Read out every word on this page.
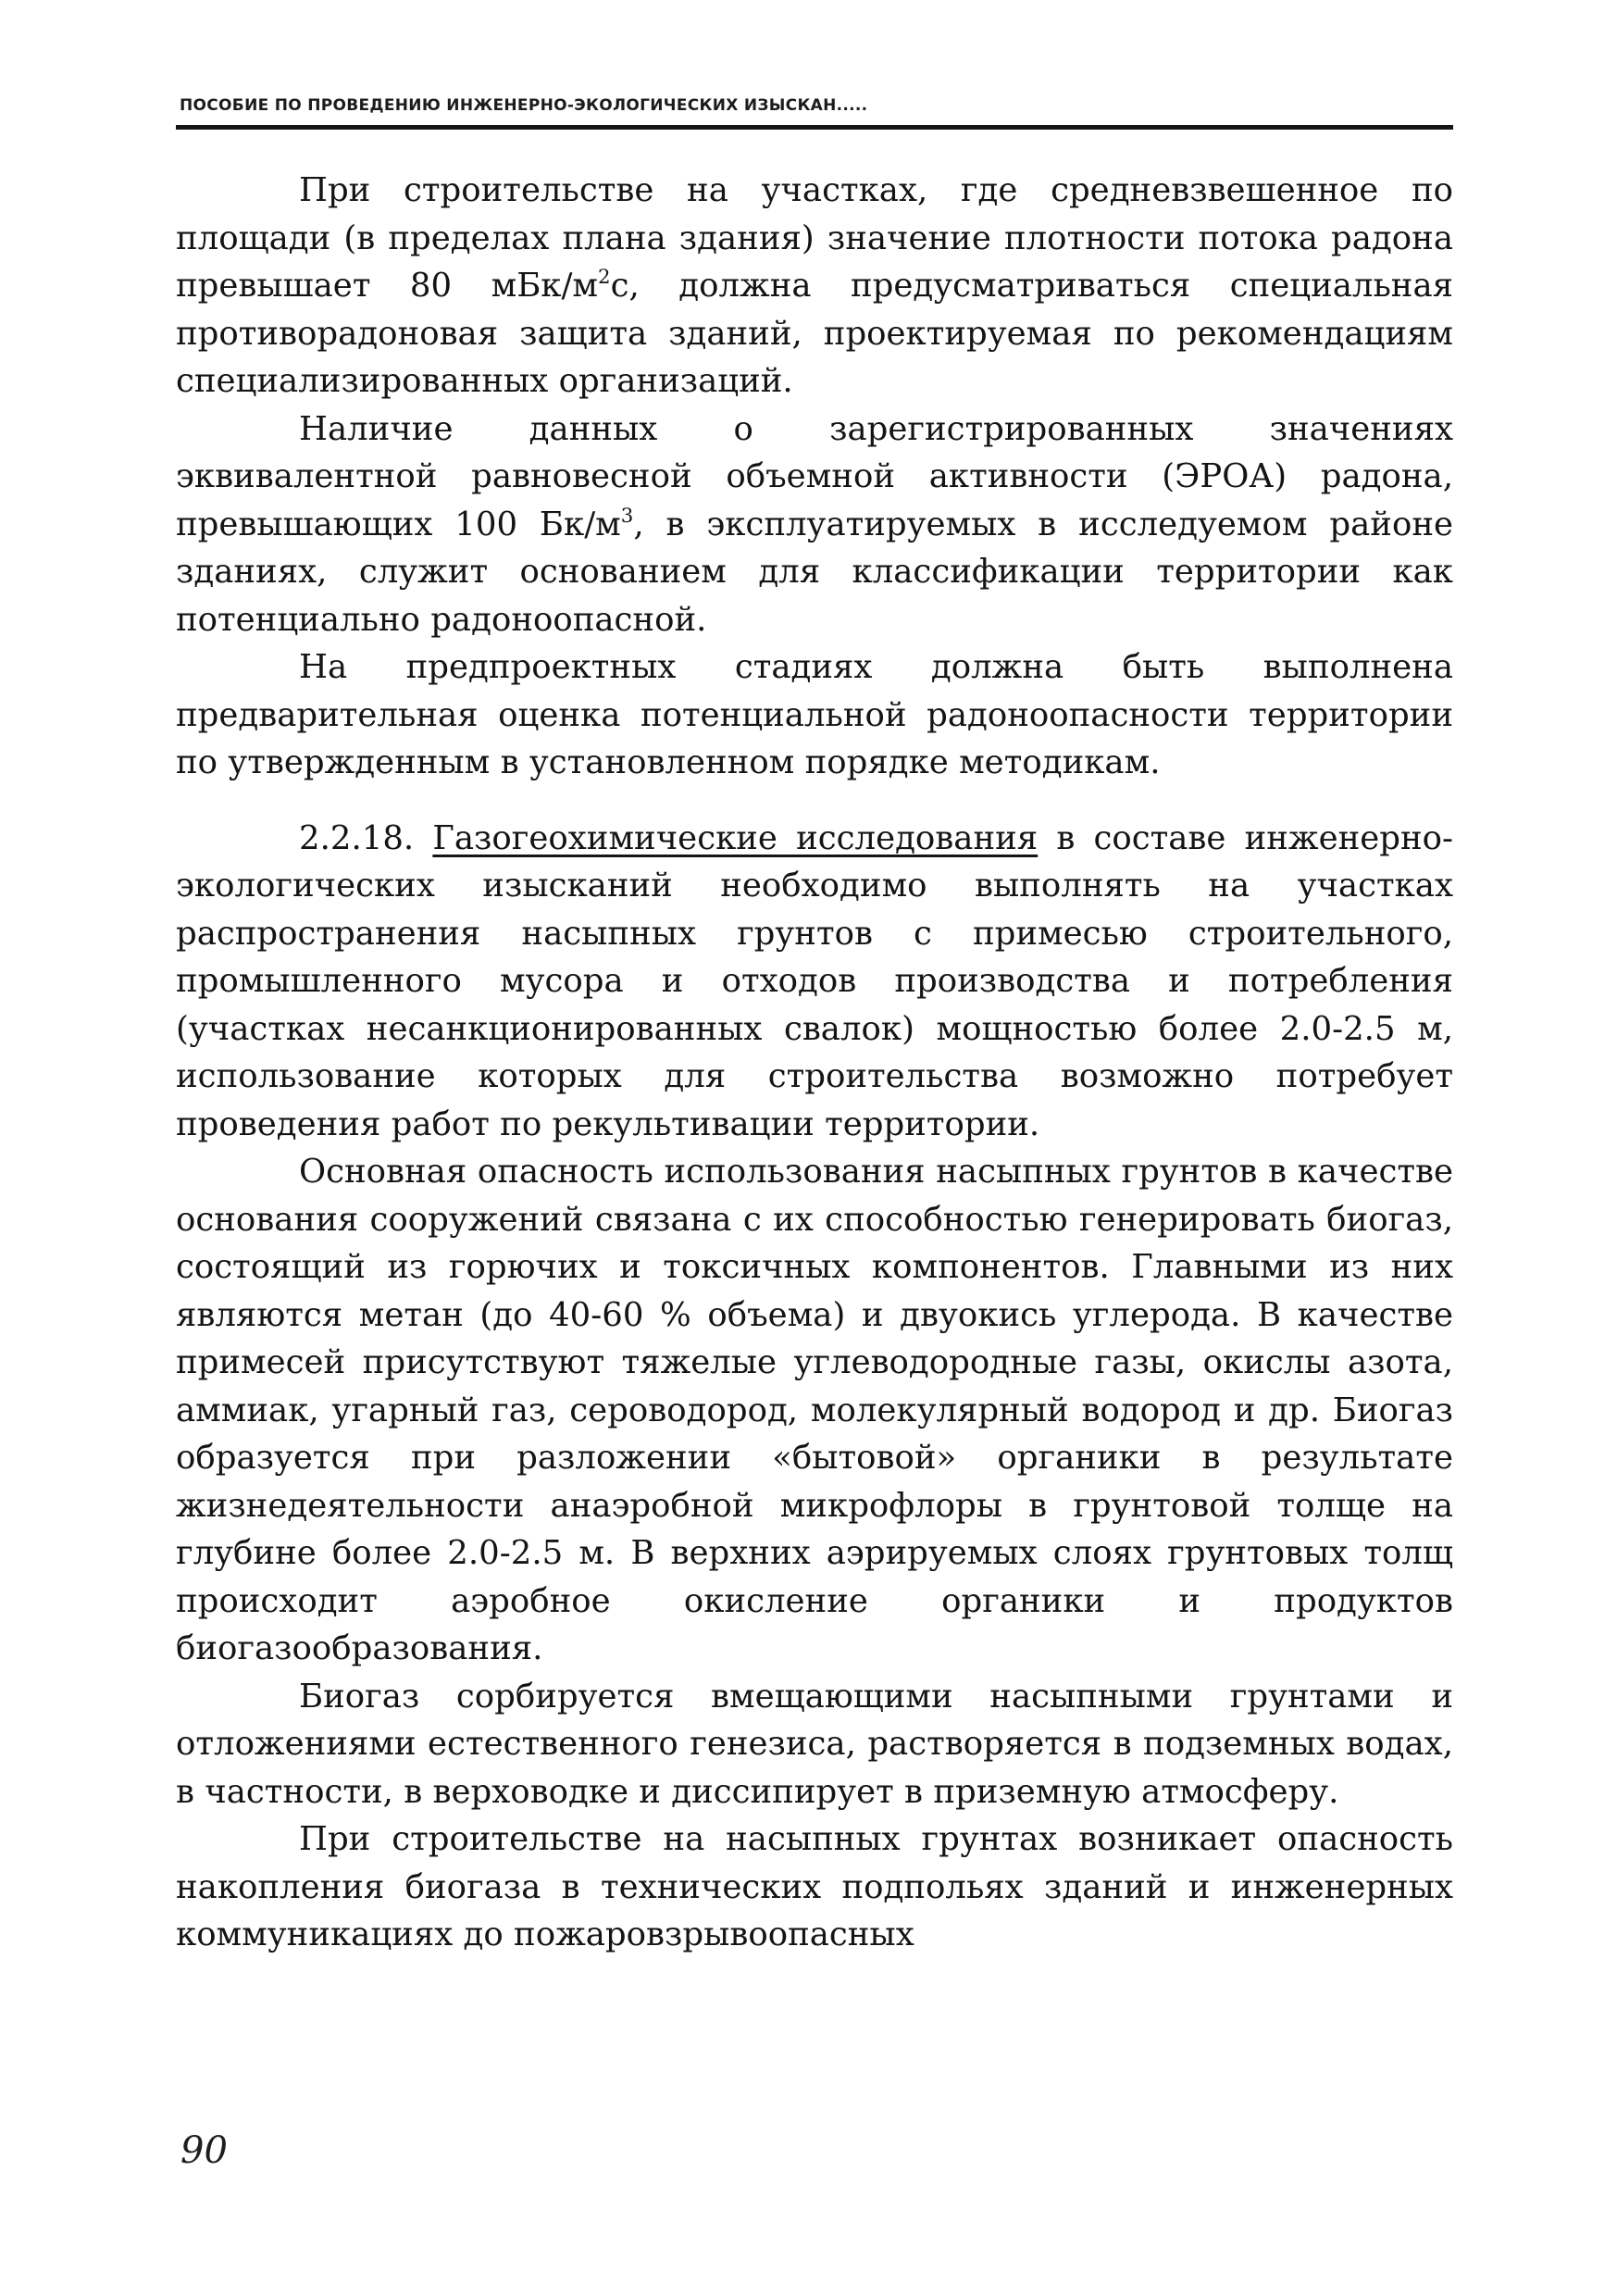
ПОСОБИЕ ПО ПРОВЕДЕНИЮ ИНЖЕНЕРНО-ЭКОЛОГИЧЕСКИХ ИЗЫСКАН.....

При строительстве на участках, где средневзвешенное по площади (в пределах плана здания) значение плотности потока радона превышает 80 мБк/$м^2с$, должна предусматриваться специальная противорадоновая защита зданий, проектируемая по рекомендациям специализированных организаций.

Наличие данных о зарегистрированных значениях эквивалентной равновесной объемной активности (ЭРОА) радона, превышающих 100 $Бк/м^3$, в эксплуатируемых в исследуемом районе зданиях, служит основанием для классификации территории как потенциально радоноопасной.

На предпроектных стадиях должна быть выполнена предварительная оценка потенциальной радоноопасности территории по утвержденным в установленном порядке методикам.

2.2.18. Газогеохимические исследования в составе инженерно-экологических изысканий необходимо выполнять на участках распространения насыпных грунтов с примесью строительного, промышленного мусора и отходов производства и потребления (участках несанкционированных свалок) мощностью более 2.0-2.5 м, использование которых для строительства возможно потребует проведения работ по рекультивации территории.

Основная опасность использования насыпных грунтов в качестве основания сооружений связана с их способностью генерировать биогаз, состоящий из горючих и токсичных компонентов. Главными из них являются метан (до 40-60 % объема) и двуокись углерода. В качестве примесей присутствуют тяжелые углеводородные газы, окислы азота, аммиак, угарный газ, сероводород, молекулярный водород и др. Биогаз образуется при разложении «бытовой» органики в результате жизнедеятельности анаэробной микрофлоры в грунтовой толще на глубине более 2.0-2.5 м. В верхних аэрируемых слоях грунтовых толщ происходит аэробное окисление органики и продуктов биогазообразования.

Биогаз сорбируется вмещающими насыпными грунтами и отложениями естественного генезиса, растворяется в подземных водах, в частности, в верховодке и диссипирует в приземную атмосферу.

При строительстве на насыпных грунтах возникает опасность накопления биогаза в технических подпольях зданий и инженерных коммуникациях до пожаровзрывоопасных

90
